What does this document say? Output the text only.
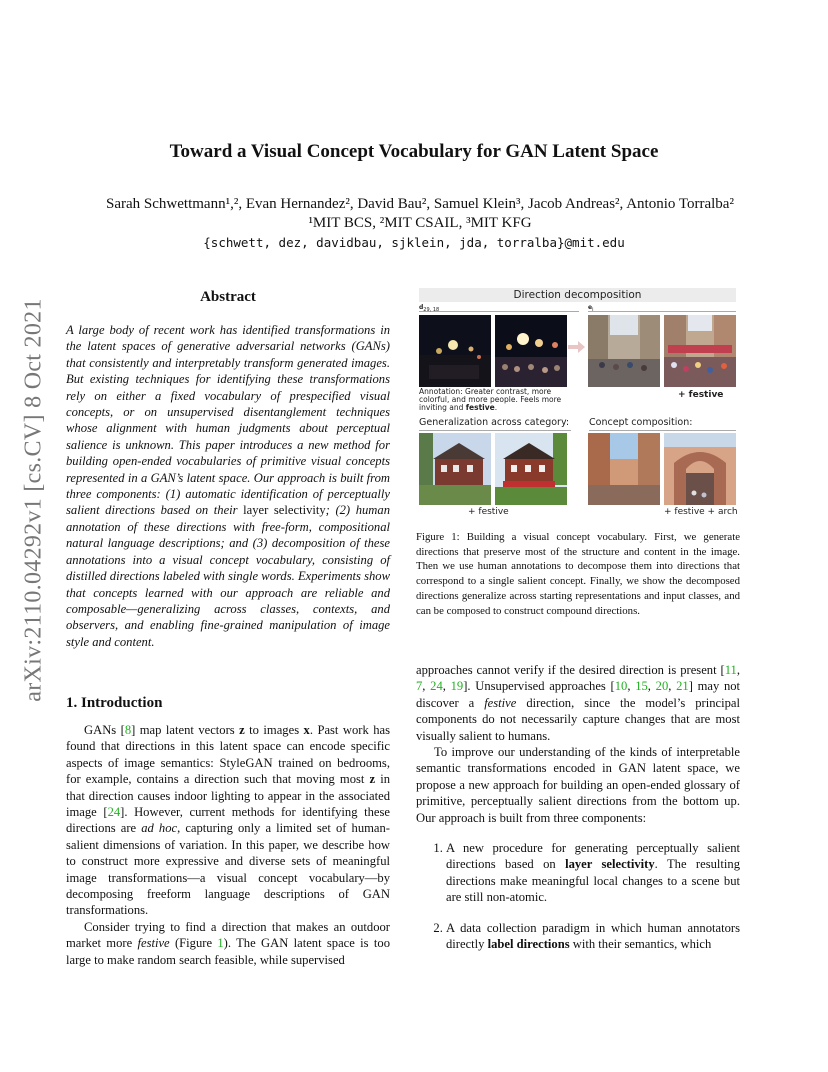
Toward a Visual Concept Vocabulary for GAN Latent Space
Sarah Schwettmann¹,², Evan Hernandez², David Bau², Samuel Klein³, Jacob Andreas², Antonio Torralba²
¹MIT BCS, ²MIT CSAIL, ³MIT KFG
{schwett, dez, davidbau, sjklein, jda, torralba}@mit.edu
arXiv:2110.04292v1 [cs.CV] 8 Oct 2021
Abstract
A large body of recent work has identified transformations in the latent spaces of generative adversarial networks (GANs) that consistently and interpretably transform generated images. But existing techniques for identifying these transformations rely on either a fixed vocabulary of prespecified visual concepts, or on unsupervised disentanglement techniques whose alignment with human judgments about perceptual salience is unknown. This paper introduces a new method for building open-ended vocabularies of primitive visual concepts represented in a GAN’s latent space. Our approach is built from three components: (1) automatic identification of perceptually salient directions based on their layer selectivity; (2) human annotation of these directions with free-form, compositional natural language descriptions; and (3) decomposition of these annotations into a visual concept vocabulary, consisting of distilled directions labeled with single words. Experiments show that concepts learned with our approach are reliable and composable—generalizing across classes, contexts, and observers, and enabling fine-grained manipulation of image style and content.
1. Introduction

GANs [8] map latent vectors z to images x. Past work has found that directions in this latent space can encode specific aspects of image semantics: StyleGAN trained on bedrooms, for example, contains a direction such that moving most z in that direction causes indoor lighting to appear in the associated image [24]. However, current methods for identifying these directions are ad hoc, capturing only a limited set of human-salient dimensions of variation. In this paper, we describe how to construct more expressive and diverse sets of meaningful image transformations—a visual concept vocabulary—by decomposing freeform language descriptions of GAN transformations.

Consider trying to find a direction that makes an outdoor market more festive (Figure 1). The GAN latent space is too large to make random search feasible, while supervised

Direction decomposition
$d_{29, 18}$	$e_i$
Annotation: Greater contrast, more colorful, and more people. Feels more inviting and festive.
+ festive
Generalization across category: Concept composition:
+ festive	+ festive + arch
Figure 1: Building a visual concept vocabulary. First, we generate directions that preserve most of the structure and content in the image. Then we use human annotations to decompose them into directions that correspond to a single salient concept. Finally, we show the decomposed directions generalize across starting representations and input classes, and can be composed to construct compound directions.

approaches cannot verify if the desired direction is present [11, 7, 24, 19]. Unsupervised approaches [10, 15, 20, 21] may not discover a festive direction, since the model’s principal components do not necessarily capture changes that are most visually salient to humans.

To improve our understanding of the kinds of interpretable semantic transformations encoded in GAN latent space, we propose a new approach for building an open-ended glossary of primitive, perceptually salient directions from the bottom up. Our approach is built from three components:

1. A new procedure for generating perceptually salient directions based on layer selectivity. The resulting directions make meaningful local changes to a scene but are still non-atomic.
2. A data collection paradigm in which human annotators directly label directions with their semantics, which
